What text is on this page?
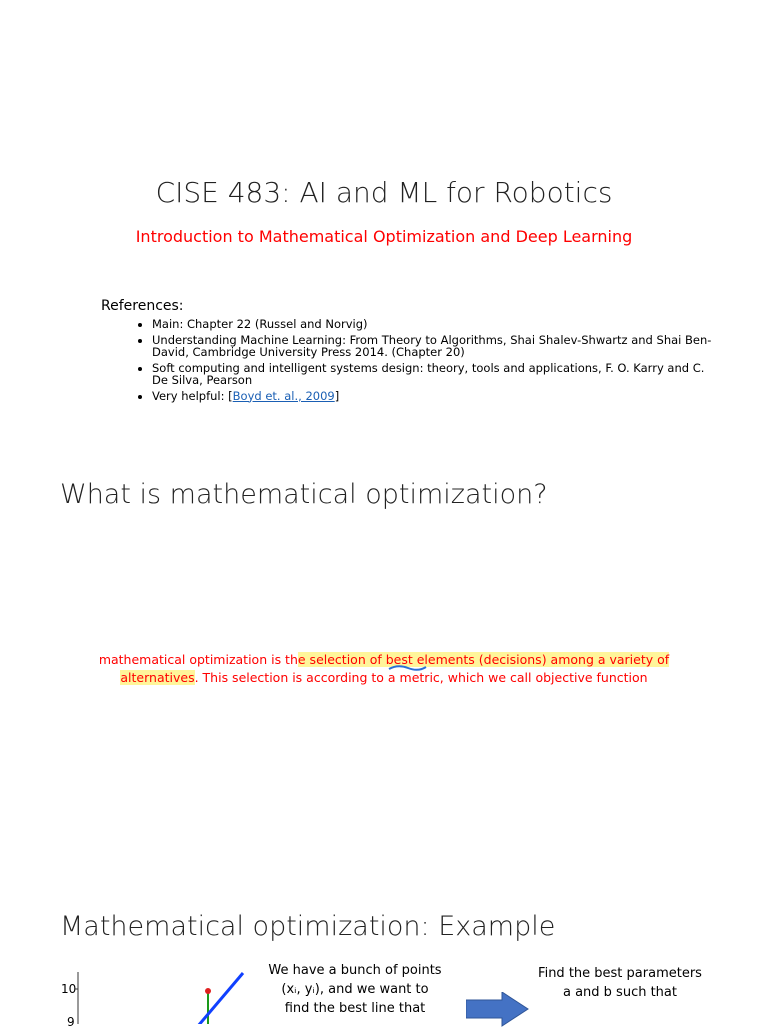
CISE 483: AI and ML for Robotics
Introduction to Mathematical Optimization and Deep Learning
References:
• Main: Chapter 22 (Russel and Norvig)
• Understanding Machine Learning: From Theory to Algorithms, Shai Shalev-Shwartz and Shai Ben-David, Cambridge University Press 2014. (Chapter 20)
• Soft computing and intelligent systems design: theory, tools and applications, F. O. Karry and C. De Silva, Pearson
• Very helpful: [Boyd et. al., 2009]
What is mathematical optimization?
mathematical optimization is the selection of best elements (decisions) among a variety of alternatives. This selection is according to a metric, which we call objective function
Mathematical optimization: Example
10
9
We have a bunch of points
(xᵢ, yᵢ), and we want to
find the best line that
Find the best parameters
a and b such that
